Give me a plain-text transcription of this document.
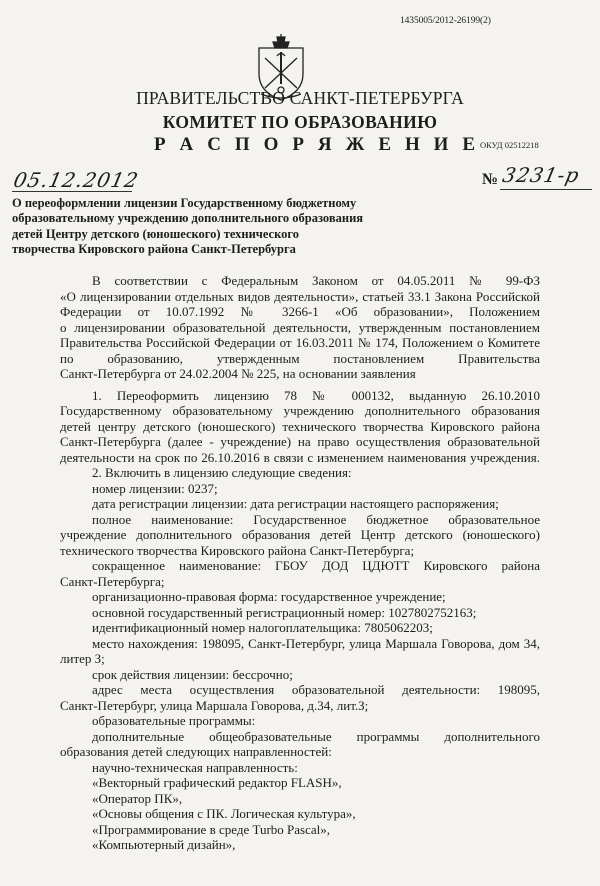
1435005/2012-26199(2)
ПРАВИТЕЛЬСТВО САНКТ-ПЕТЕРБУРГА
КОМИТЕТ ПО ОБРАЗОВАНИЮ
Р А С П О Р Я Ж Е Н И Е ОКУД 02512218
05.12.2012	№ 3231-р
О переоформлении лицензии Государственному бюджетному
образовательному учреждению дополнительного образования
детей Центру детского (юношеского) технического
творчества Кировского района Санкт-Петербурга
В соответствии с Федеральным Законом от 04.05.2011 № 99-ФЗ
«О лицензировании отдельных видов деятельности», статьей 33.1 Закона Российской
Федерации от 10.07.1992 № 3266-1 «Об образовании», Положением
о лицензировании образовательной деятельности, утвержденным постановлением
Правительства Российской Федерации от 16.03.2011 № 174, Положением о Комитете
по образованию, утвержденным постановлением Правительства
Санкт-Петербурга от 24.02.2004 № 225, на основании заявления
1. Переоформить лицензию 78 № 000132, выданную 26.10.2010
Государственному образовательному учреждению дополнительного образования
детей центру детского (юношеского) технического творчества Кировского района
Санкт-Петербурга (далее - учреждение) на право осуществления образовательной
деятельности на срок по 26.10.2016 в связи с изменением наименования учреждения.
2. Включить в лицензию следующие сведения:
номер лицензии: 0237;
дата регистрации лицензии: дата регистрации настоящего распоряжения;
полное наименование: Государственное бюджетное образовательное
учреждение дополнительного образования детей Центр детского (юношеского)
технического творчества Кировского района Санкт-Петербурга;
сокращенное наименование: ГБОУ ДОД ЦДЮТТ Кировского района
Санкт-Петербурга;
организационно-правовая форма: государственное учреждение;
основной государственный регистрационный номер: 1027802752163;
идентификационный номер налогоплательщика: 7805062203;
место нахождения: 198095, Санкт-Петербург, улица Маршала Говорова, дом 34,
литер З;
срок действия лицензии: бессрочно;
адрес места осуществления образовательной деятельности: 198095,
Санкт-Петербург, улица Маршала Говорова, д.34, лит.З;
образовательные программы:
дополнительные общеобразовательные программы дополнительного
образования детей следующих направленностей:
научно-техническая направленность:
«Векторный графический редактор FLASH»,
«Оператор ПК»,
«Основы общения с ПК. Логическая культура»,
«Программирование в среде Turbo Pascal»,
«Компьютерный дизайн»,
